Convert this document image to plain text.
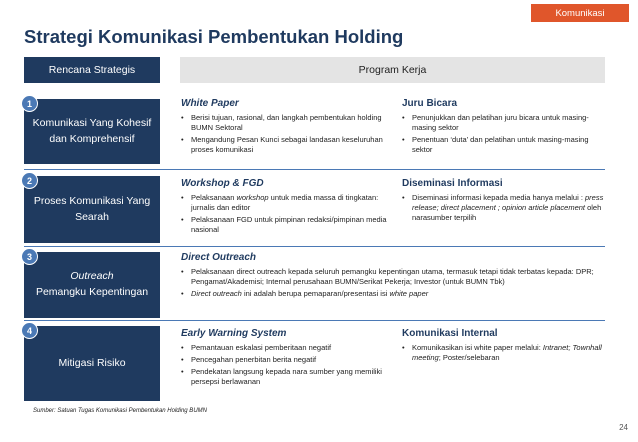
Komunikasi
Strategi Komunikasi Pembentukan Holding
Rencana Strategis	Program Kerja
1
Komunikasi Yang Kohesif dan Komprehensif
2
Proses Komunikasi Yang Searah
3
Outreach
Pemangku Kepentingan
4
Mitigasi Risiko
White Paper
• Berisi tujuan, rasional, dan langkah pembentukan holding BUMN Sektoral
• Mengandung Pesan Kunci sebagai landasan keseluruhan proses komunikasi
Juru Bicara
• Penunjukkan dan pelatihan juru bicara untuk masing-masing sektor
• Penentuan ‘duta’ dan pelatihan untuk masing-masing sektor
Workshop & FGD
• Pelaksanaan workshop untuk media massa di tingkatan: jurnalis dan editor
• Pelaksanaan FGD untuk pimpinan redaksi/pimpinan media nasional
Diseminasi Informasi
• Diseminasi informasi kepada media hanya melalui : press release; direct placement ; opinion article placement oleh narasumber terpilih
Direct Outreach
• Pelaksanaan direct outreach kepada seluruh pemangku kepentingan utama, termasuk tetapi tidak terbatas kepada: DPR; Pengamat/Akademisi; Internal perusahaan BUMN/Serikat Pekerja; Investor (untuk BUMN Tbk)
• Direct outreach ini adalah berupa pemaparan/presentasi isi white paper
Early Warning System
• Pemantauan eskalasi pemberitaan negatif
• Pencegahan penerbitan berita negatif
• Pendekatan langsung kepada nara sumber yang memiliki persepsi berlawanan
Komunikasi Internal
• Komunikasikan isi white paper melalui: Intranet; Townhall meeting; Poster/selebaran
Sumber: Satuan Tugas Komunikasi Pembentukan Holding BUMN
24
